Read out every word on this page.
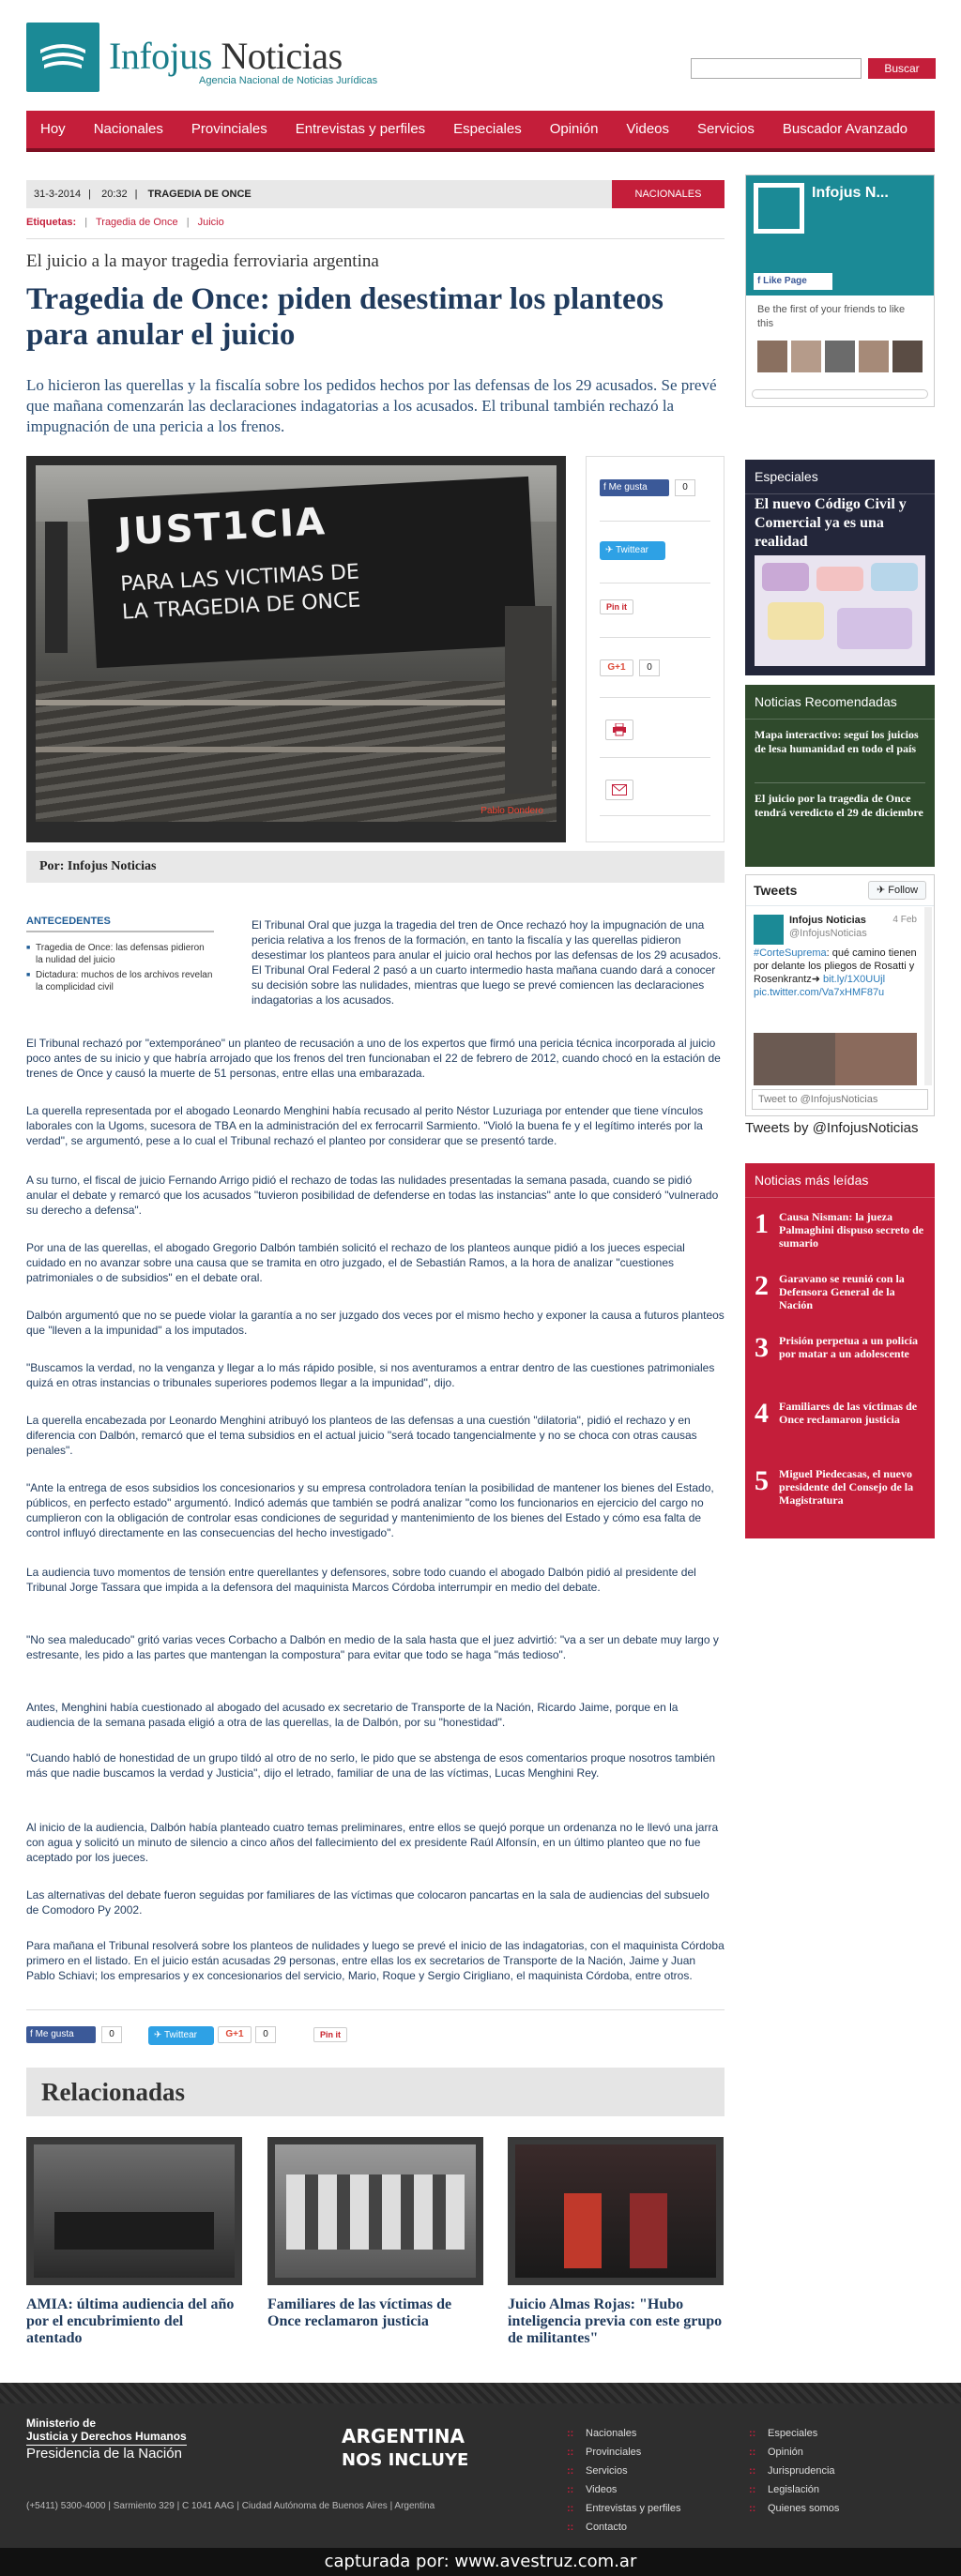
Infojus Noticias
Agencia Nacional de Noticias Jurídicas
Buscar
Hoy	Nacionales	Provinciales	Entrevistas y perfiles	Especiales	Opinión	Videos	Servicios	Buscador Avanzado
31-3-2014 | 20:32 | TRAGEDIA DE ONCE	NACIONALES
Etiquetas: | Tragedia de Once | Juicio
El juicio a la mayor tragedia ferroviaria argentina
Tragedia de Once: piden desestimar los planteos para anular el juicio

Lo hicieron las querellas y la fiscalía sobre los pedidos hechos por las defensas de los 29 acusados. Se prevé que mañana comenzarán las declaraciones indagatorias a los acusados. El tribunal también rechazó la impugnación de una pericia a los frenos.

JUST1CIA
PARA LAS VICTIMAS DE
LA TRAGEDIA DE ONCE
Pablo Dondero
f Me gusta	0
✈ Twittear
Pin it
G+1	0
Por: Infojus Noticias
ANTECEDENTES
■ Tragedia de Once: las defensas pidieron la nulidad del juicio
■ Dictadura: muchos de los archivos revelan la complicidad civil

El Tribunal Oral que juzga la tragedia del tren de Once rechazó hoy la impugnación de una pericia relativa a los frenos de la formación, en tanto la fiscalía y las querellas pidieron desestimar los planteos para anular el juicio oral hechos por las defensas de los 29 acusados. El Tribunal Oral Federal 2 pasó a un cuarto intermedio hasta mañana cuando dará a conocer su decisión sobre las nulidades, mientras que luego se prevé comiencen las declaraciones indagatorias a los acusados.

El Tribunal rechazó por "extemporáneo" un planteo de recusación a uno de los expertos que firmó una pericia técnica incorporada al juicio poco antes de su inicio y que habría arrojado que los frenos del tren funcionaban el 22 de febrero de 2012, cuando chocó en la estación de trenes de Once y causó la muerte de 51 personas, entre ellas una embarazada.

La querella representada por el abogado Leonardo Menghini había recusado al perito Néstor Luzuriaga por entender que tiene vínculos laborales con la Ugoms, sucesora de TBA en la administración del ex ferrocarril Sarmiento. "Violó la buena fe y el legítimo interés por la verdad", se argumentó, pese a lo cual el Tribunal rechazó el planteo por considerar que se presentó tarde.

A su turno, el fiscal de juicio Fernando Arrigo pidió el rechazo de todas las nulidades presentadas la semana pasada, cuando se pidió anular el debate y remarcó que los acusados "tuvieron posibilidad de defenderse en todas las instancias" ante lo que consideró "vulnerado su derecho a defensa".

Por una de las querellas, el abogado Gregorio Dalbón también solicitó el rechazo de los planteos aunque pidió a los jueces especial cuidado en no avanzar sobre una causa que se tramita en otro juzgado, el de Sebastián Ramos, a la hora de analizar "cuestiones patrimoniales o de subsidios" en el debate oral.

Dalbón argumentó que no se puede violar la garantía a no ser juzgado dos veces por el mismo hecho y exponer la causa a futuros planteos que "lleven a la impunidad" a los imputados.

"Buscamos la verdad, no la venganza y llegar a lo más rápido posible, si nos aventuramos a entrar dentro de las cuestiones patrimoniales quizá en otras instancias o tribunales superiores podemos llegar a la impunidad", dijo.

La querella encabezada por Leonardo Menghini atribuyó los planteos de las defensas a una cuestión "dilatoria", pidió el rechazo y en diferencia con Dalbón, remarcó que el tema subsidios en el actual juicio "será tocado tangencialmente y no se choca con otras causas penales".

"Ante la entrega de esos subsidios los concesionarios y su empresa controladora tenían la posibilidad de mantener los bienes del Estado, públicos, en perfecto estado" argumentó. Indicó además que también se podrá analizar "como los funcionarios en ejercicio del cargo no cumplieron con la obligación de controlar esas condiciones de seguridad y mantenimiento de los bienes del Estado y cómo esa falta de control influyó directamente en las consecuencias del hecho investigado".

La audiencia tuvo momentos de tensión entre querellantes y defensores, sobre todo cuando el abogado Dalbón pidió al presidente del Tribunal Jorge Tassara que impida a la defensora del maquinista Marcos Córdoba interrumpir en medio del debate.

"No sea maleducado" gritó varias veces Corbacho a Dalbón en medio de la sala hasta que el juez advirtió: "va a ser un debate muy largo y estresante, les pido a las partes que mantengan la compostura" para evitar que todo se haga "más tedioso".

Antes, Menghini había cuestionado al abogado del acusado ex secretario de Transporte de la Nación, Ricardo Jaime, porque en la audiencia de la semana pasada eligió a otra de las querellas, la de Dalbón, por su "honestidad".

"Cuando habló de honestidad de un grupo tildó al otro de no serlo, le pido que se abstenga de esos comentarios proque nosotros también más que nadie buscamos la verdad y Justicia", dijo el letrado, familiar de una de las víctimas, Lucas Menghini Rey.

Al inicio de la audiencia, Dalbón había planteado cuatro temas preliminares, entre ellos se quejó porque un ordenanza no le llevó una jarra con agua y solicitó un minuto de silencio a cinco años del fallecimiento del ex presidente Raúl Alfonsín, en un último planteo que no fue aceptado por los jueces.

Las alternativas del debate fueron seguidas por familiares de las víctimas que colocaron pancartas en la sala de audiencias del subsuelo de Comodoro Py 2002.

Para mañana el Tribunal resolverá sobre los planteos de nulidades y luego se prevé el inicio de las indagatorias, con el maquinista Córdoba primero en el listado. En el juicio están acusadas 29 personas, entre ellas los ex secretarios de Transporte de la Nación, Jaime y Juan Pablo Schiavi; los empresarios y ex concesionarios del servicio, Mario, Roque y Sergio Cirigliano, el maquinista Córdoba, entre otros.

f Me gusta	0	✈ Twittear	G+1	0	Pin it
Relacionadas
AMIA: última audiencia del año por el encubrimiento del atentado
Familiares de las víctimas de Once reclamaron justicia
Juicio Almas Rojas: "Hubo inteligencia previa con este grupo de militantes"
Infojus N...
f Like Page
Be the first of your friends to like this
Especiales
El nuevo Código Civil y Comercial ya es una realidad
Noticias Recomendadas
Mapa interactivo: seguí los juicios de lesa humanidad en todo el país
El juicio por la tragedia de Once tendrá veredicto el 29 de diciembre
Tweets	✈ Follow
Infojus Noticias
@InfojusNoticias
4 Feb
#CorteSuprema: qué camino tienen por delante los pliegos de Rosatti y Rosenkrantz➜ bit.ly/1X0UUjl pic.twitter.com/Va7xHMF87u
Tweet to @InfojusNoticias
Tweets by @InfojusNoticias
Noticias más leídas
1 Causa Nisman: la jueza Palmaghini dispuso secreto de sumario
2 Garavano se reunió con la Defensora General de la Nación
3 Prisión perpetua a un policía por matar a un adolescente
4 Familiares de las víctimas de Once reclamaron justicia
5 Miguel Piedecasas, el nuevo presidente del Consejo de la Magistratura
Ministerio de
Justicia y Derechos Humanos
Presidencia de la Nación
ARGENTINA
NOS INCLUYE
(+5411) 5300-4000 | Sarmiento 329 | C 1041 AAG | Ciudad Autónoma de Buenos Aires | Argentina
:: Nacionales
:: Provinciales
:: Servicios
:: Videos
:: Entrevistas y perfiles
:: Contacto
:: Especiales
:: Opinión
:: Jurisprudencia
:: Legislación
:: Quienes somos
capturada por: www.avestruz.com.ar
